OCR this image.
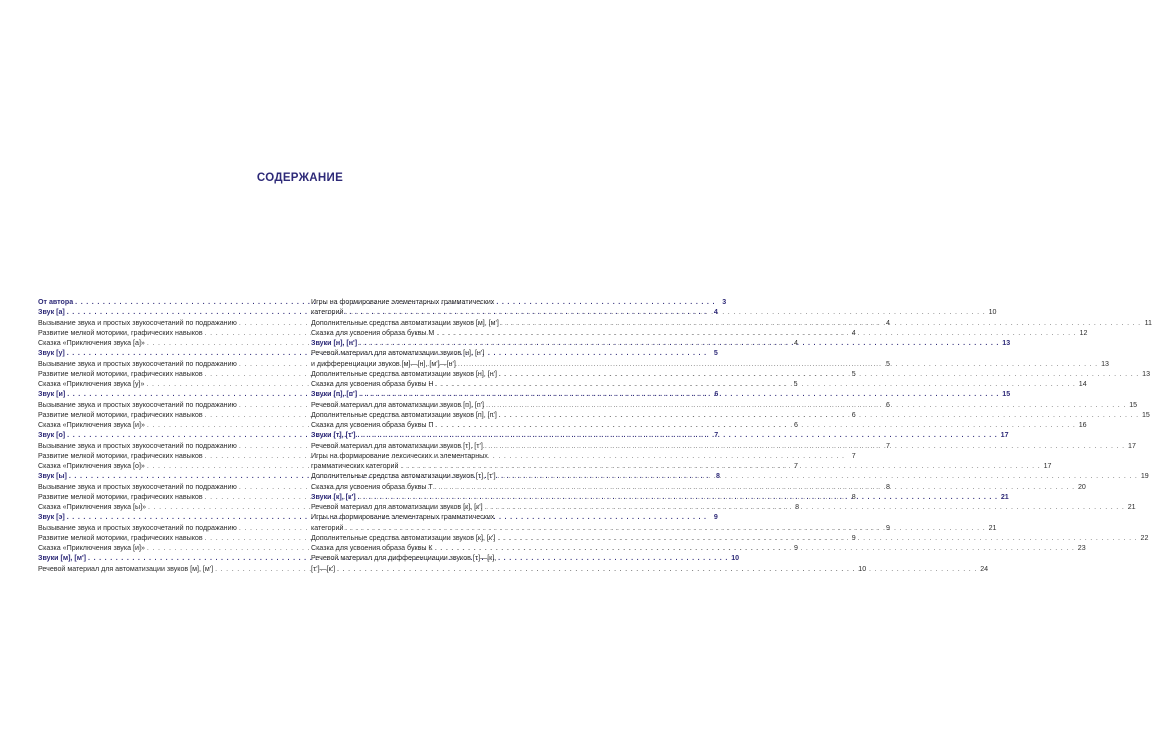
СОДЕРЖАНИЕ
От автора . . .	3
Звук [а] . . .	4
Вызывание звука и простых звукосочетаний по подражанию . . .	4
Развитие мелкой моторики, графических навыков . . .	4
Сказка «Приключения звука [а]» . . .	4
Звук [у] . . .	5
Вызывание звука и простых звукосочетаний по подражанию . . .	5
Развитие мелкой моторики, графических навыков . . .	5
Сказка «Приключения звука [у]» . . .	5
Звук [и] . . .	6
Вызывание звука и простых звукосочетаний по подражанию . . .	6
Развитие мелкой моторики, графических навыков . . .	6
Сказка «Приключения звука [и]» . . .	6
Звук [о] . . .	7
Вызывание звука и простых звукосочетаний по подражанию . . .	7
Развитие мелкой моторики, графических навыков . . .	7
Сказка «Приключения звука [о]» . . .	7
Звук [ы] . . .	8
Вызывание звука и простых звукосочетаний по подражанию . . .	8
Развитие мелкой моторики, графических навыков . . .	8
Сказка «Приключения звука [ы]» . . .	8
Звук [э] . . .	9
Вызывание звука и простых звукосочетаний по подражанию . . .	9
Развитие мелкой моторики, графических навыков . . .	9
Сказка «Приключения звука [и]» . . .	9
Звуки [м], [м'] . . .	10
Речевой материал для автоматизации звуков [м], [м'] . . .	10
Игры на формирование элементарных грамматических
категорий . . .	10
Дополнительные средства автоматизации звуков [м], [м'] . . .	11
Сказка для усвоения образа буквы М . . .	12
Звуки [н], [н'] . . .	13
Речевой материал для автоматизации звуков [н], [н']
и дифференциации звуков [м]—[н], [м']—[н'] . . .	13
Дополнительные средства автоматизации звуков [н], [н'] . . .	13
Сказка для усвоения образа буквы Н . . .	14
Звуки [п], [п'] . . .	15
Речевой материал для автоматизации звуков [п], [п'] . . .	15
Дополнительные средства автоматизации звуков [п], [п'] . . .	15
Сказка для усвоения образа буквы П . . .	16
Звуки [т], [т'] . . .	17
Речевой материал для автоматизации звуков [т], [т'] . . .	17
Игры на формирование лексических и элементарных
грамматических категорий . . .	17
Дополнительные средства автоматизации звуков [т], [т'] . . .	19
Сказка для усвоения образа буквы Т . . .	20
Звуки [к], [к'] . . .	21
Речевой материал для автоматизации звуков [к], [к'] . . .	21
Игры на формирование элементарных грамматических
категорий . . .	21
Дополнительные средства автоматизации звуков [к], [к'] . . .	22
Сказка для усвоения образа буквы К . . .	23
Речевой материал для дифференциации звуков [т]—[к],
[т']—[к'] . . .	24
